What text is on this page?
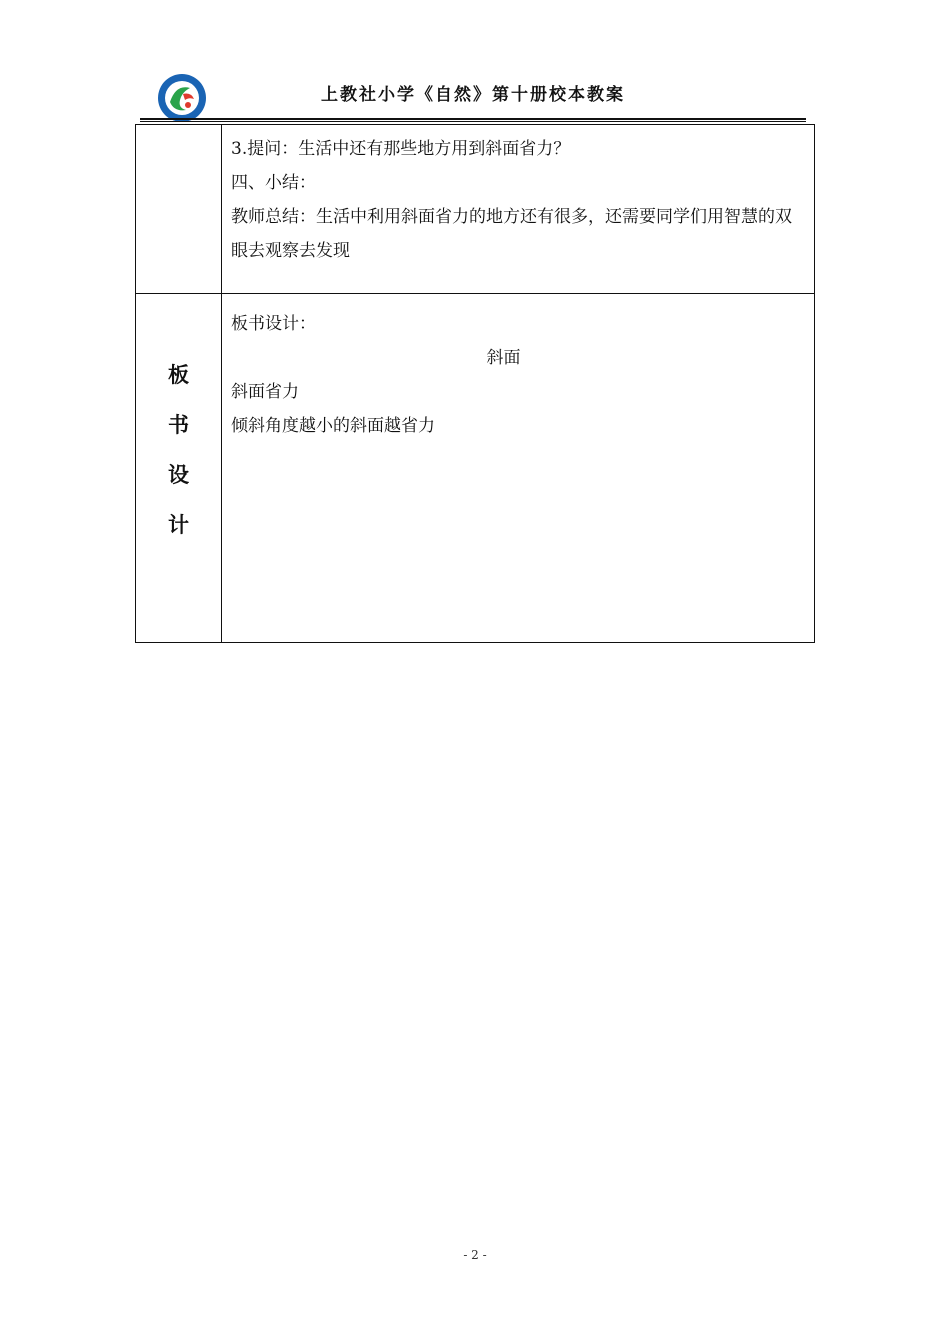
上教社小学《自然》第十册校本教案
3.提问：生活中还有那些地方用到斜面省力？
四、小结：
教师总结：生活中利用斜面省力的地方还有很多，还需要同学们用智慧的双眼去观察去发现
板
书
设
计
板书设计：
斜面
斜面省力
倾斜角度越小的斜面越省力
- 2 -
